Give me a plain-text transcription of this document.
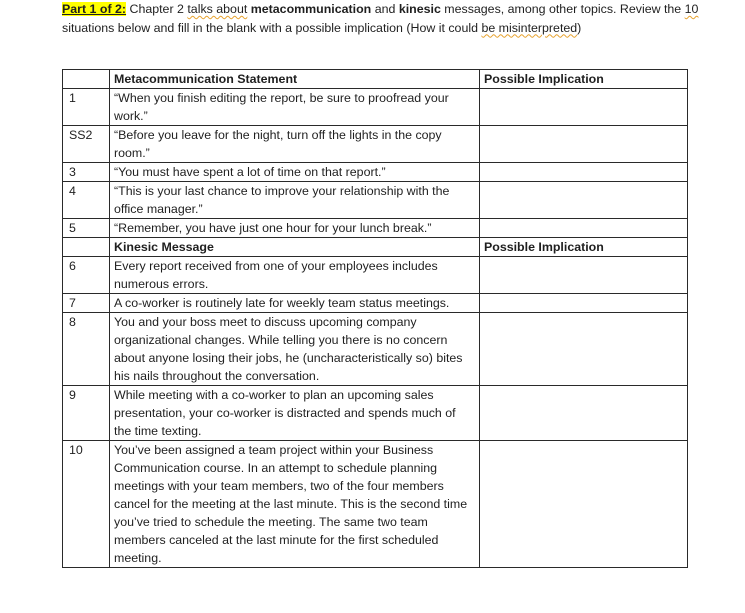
Part 1 of 2: Chapter 2 talks about metacommunication and kinesic messages, among other topics. Review the 10 situations below and fill in the blank with a possible implication (How it could be misinterpreted)
	Metacommunication Statement	Possible Implication
1	“When you finish editing the report, be sure to proofread your work.”	
SS2	“Before you leave for the night, turn off the lights in the copy room.”	
3	“You must have spent a lot of time on that report.”	
4	“This is your last chance to improve your relationship with the office manager.”	
5	“Remember, you have just one hour for your lunch break.”	
	Kinesic Message	Possible Implication
6	Every report received from one of your employees includes numerous errors.	
7	A co-worker is routinely late for weekly team status meetings.	
8	You and your boss meet to discuss upcoming company organizational changes. While telling you there is no concern about anyone losing their jobs, he (uncharacteristically so) bites his nails throughout the conversation.	
9	While meeting with a co-worker to plan an upcoming sales presentation, your co-worker is distracted and spends much of the time texting.	
10	You’ve been assigned a team project within your Business Communication course. In an attempt to schedule planning meetings with your team members, two of the four members cancel for the meeting at the last minute. This is the second time you’ve tried to schedule the meeting. The same two team members canceled at the last minute for the first scheduled meeting.	
